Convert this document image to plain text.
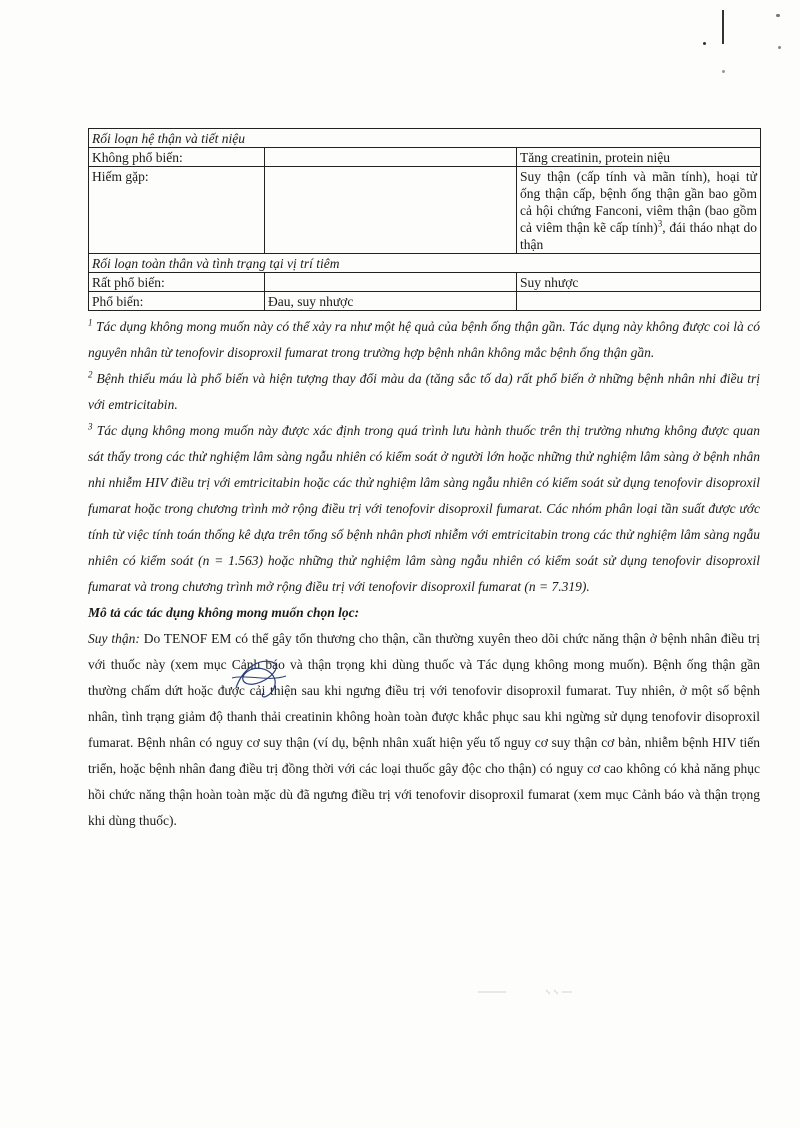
Rối loạn hệ thận và tiết niệu		
Không phổ biến:		Tăng creatinin, protein niệu
Hiếm gặp:		Suy thận (cấp tính và mãn tính), hoại tử ống thận cấp, bệnh ống thận gần bao gồm cả hội chứng Fanconi, viêm thận (bao gồm cả viêm thận kẽ cấp tính)$^3$, đái tháo nhạt do thận
Rối loạn toàn thân và tình trạng tại vị trí tiêm		
Rất phổ biến:		Suy nhược
Phổ biến:	Đau, suy nhược	

$^1$ Tác dụng không mong muốn này có thể xảy ra như một hệ quả của bệnh ống thận gần. Tác dụng này không được coi là có nguyên nhân từ tenofovir disoproxil fumarat trong trường hợp bệnh nhân không mắc bệnh ống thận gần.

$^2$ Bệnh thiếu máu là phổ biến và hiện tượng thay đổi màu da (tăng sắc tố da) rất phổ biến ở những bệnh nhân nhi điều trị với emtricitabin.

$^3$ Tác dụng không mong muốn này được xác định trong quá trình lưu hành thuốc trên thị trường nhưng không được quan sát thấy trong các thử nghiệm lâm sàng ngẫu nhiên có kiểm soát ở người lớn hoặc những thử nghiệm lâm sàng ở bệnh nhân nhi nhiễm HIV điều trị với emtricitabin hoặc các thử nghiệm lâm sàng ngẫu nhiên có kiểm soát sử dụng tenofovir disoproxil fumarat hoặc trong chương trình mở rộng điều trị với tenofovir disoproxil fumarat. Các nhóm phân loại tần suất được ước tính từ việc tính toán thống kê dựa trên tổng số bệnh nhân phơi nhiễm với emtricitabin trong các thử nghiệm lâm sàng ngẫu nhiên có kiểm soát (n = 1.563) hoặc những thử nghiệm lâm sàng ngẫu nhiên có kiểm soát sử dụng tenofovir disoproxil fumarat và trong chương trình mở rộng điều trị với tenofovir disoproxil fumarat (n = 7.319).

Mô tả các tác dụng không mong muốn chọn lọc:

Suy thận: Do TENOF EM có thể gây tổn thương cho thận, cần thường xuyên theo dõi chức năng thận ở bệnh nhân điều trị với thuốc này (xem mục Cảnh báo và thận trọng khi dùng thuốc và Tác dụng không mong muốn). Bệnh ống thận gần thường chấm dứt hoặc được cải thiện sau khi ngưng điều trị với tenofovir disoproxil fumarat. Tuy nhiên, ở một số bệnh nhân, tình trạng giảm độ thanh thải creatinin không hoàn toàn được khắc phục sau khi ngừng sử dụng tenofovir disoproxil fumarat. Bệnh nhân có nguy cơ suy thận (ví dụ, bệnh nhân xuất hiện yếu tố nguy cơ suy thận cơ bản, nhiễm bệnh HIV tiến triển, hoặc bệnh nhân đang điều trị đồng thời với các loại thuốc gây độc cho thận) có nguy cơ cao không có khả năng phục hồi chức năng thận hoàn toàn mặc dù đã ngưng điều trị với tenofovir disoproxil fumarat (xem mục Cảnh báo và thận trọng khi dùng thuốc).
